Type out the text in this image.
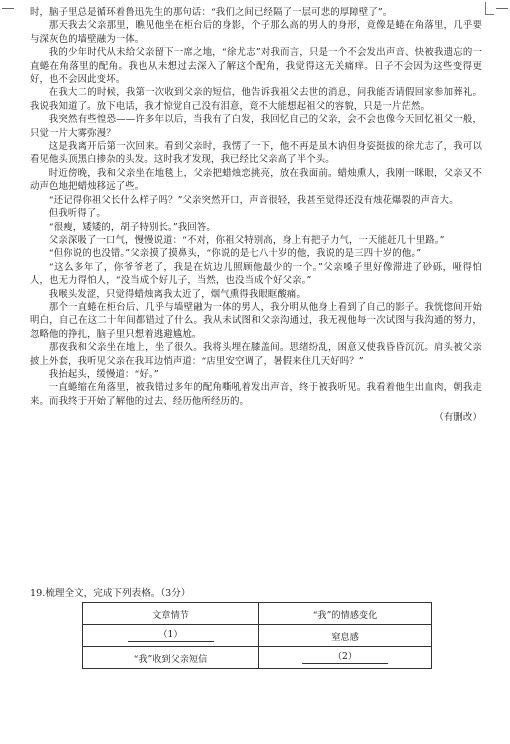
时，脑子里总是循环着鲁迅先生的那句话：“我们之间已经隔了一层可悲的厚障壁了”。

那天我去父亲那里，瞧见他坐在柜台后的身影，个子那么高的男人的身形，竟像是蜷在角落里，几乎要与深灰色的墙壁融为一体。

我的少年时代从未给父亲留下一席之地，“徐尤志”对我而言，只是一个不会发出声音、快被我遗忘的一直蜷在角落里的配角。我也从未想过去深入了解这个配角，我觉得这无关痛痒。日子不会因为这些变得更好，也不会因此变坏。

在我大二的时候，我第一次收到父亲的短信，他告诉我祖父去世的消息，问我能否请假回家参加葬礼。我说我知道了。放下电话，我才惊觉自己没有泪意，竟不大能想起祖父的容貌，只是一片茫然。

我突然有些惶恐——许多年以后，当我有了白发，我回忆自己的父亲，会不会也像今天回忆祖父一般，只觉一片大雾弥漫？

这是我离开后第一次回来。看到父亲时，我愣了一下，他不再是虽木讷但身姿挺拔的徐尤志了，我可以看见他头顶黑白掺杂的头发。这时我才发现，我已经比父亲高了半个头。

时近傍晚，我和父亲坐在地毯上，父亲把蜡烛恋挑亮，放在我面前。蜡烛熏人，我刚一眯眼，父亲又不动声色地把蜡烛移远了些。

“还记得你祖父长什么样子吗？”父亲突然开口，声音很轻，我甚至觉得还没有烛花爆裂的声音大。

但我听得了。

“很瘦，矮矮的，胡子特别长。”我回答。

父亲深吸了一口气，慢慢说道：“不对，你祖父特别高，身上有把子力气，一天能赶几十里路。”

“但你说的也没错。”父亲摸了摸鼻头，“你说的是七八十岁的他，我说的是三四十岁的他。”

“这么多年了，你爷爷老了，我是在炕边儿照顾他最少的一个。”父亲嗓子里好像滞进了砂砾，哑得怕人，也无力得怕人，“没当成个好儿子，当然，也没当成个好父亲。”

我喉头发涩，只觉得蜡烛离我太近了，烟气熏得我眼眶酸痛。

那个一直蜷在柜台后、几乎与墙壁融为一体的男人，我分明从他身上看到了自己的影子。我恍惚间开始明白，自己在这二十年间都错过了什么。我从未试图和父亲沟通过，我无视他每一次试图与我沟通的努力，忽略他的挣扎，脑子里只想着逃避尴尬。

那夜我和父亲坐在地上，坐了很久。我将头埋在膝盖间。思绪纷乱，困意又使我昏昏沉沉。肩头被父亲披上外套，我听见父亲在我耳边悄声道：“店里安空调了，暑假来住几天好吗？”

我抬起头，缓慢道：“好。”

一直蜷缩在角落里，被我错过多年的配角嘶吼着发出声音，终于被我听见。我看着他生出血肉，朝我走来。而我终于开始了解他的过去、经历他所经历的。

（有删改）

19.梳理全文，完成下列表格。（3分）
文章情节	“我”的情感变化
（1）	窒息感
“我”收到父亲短信	（2）
